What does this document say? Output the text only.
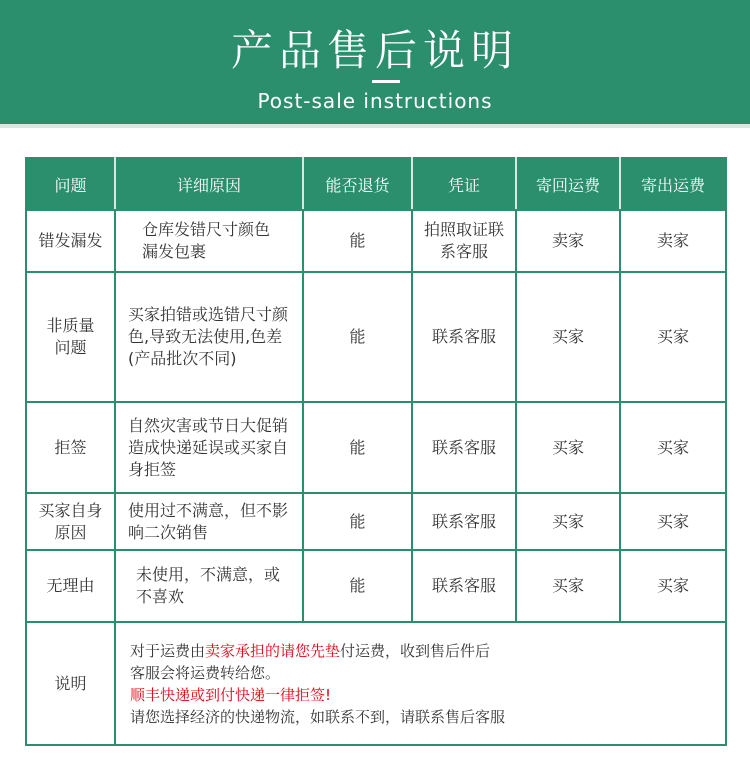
产品售后说明
Post-sale instructions
问题	详细原因	能否退货	凭证	寄回运费	寄出运费
错发漏发	仓库发错尺寸颜色漏发包裹	能	拍照取证联系客服	卖家	卖家
非质量问题	买家拍错或选错尺寸颜色,导致无法使用,色差(产品批次不同)	能	联系客服	买家	买家
拒签	自然灾害或节日大促销造成快递延误或买家自身拒签	能	联系客服	买家	买家
买家自身原因	使用过不满意，但不影响二次销售	能	联系客服	买家	买家
无理由	未使用，不满意，或不喜欢	能	联系客服	买家	买家
说明	对于运费由卖家承担的请您先垫付运费，收到售后件后
客服会将运费转给您。
顺丰快递或到付快递一律拒签!
请您选择经济的快递物流，如联系不到，请联系售后客服				
